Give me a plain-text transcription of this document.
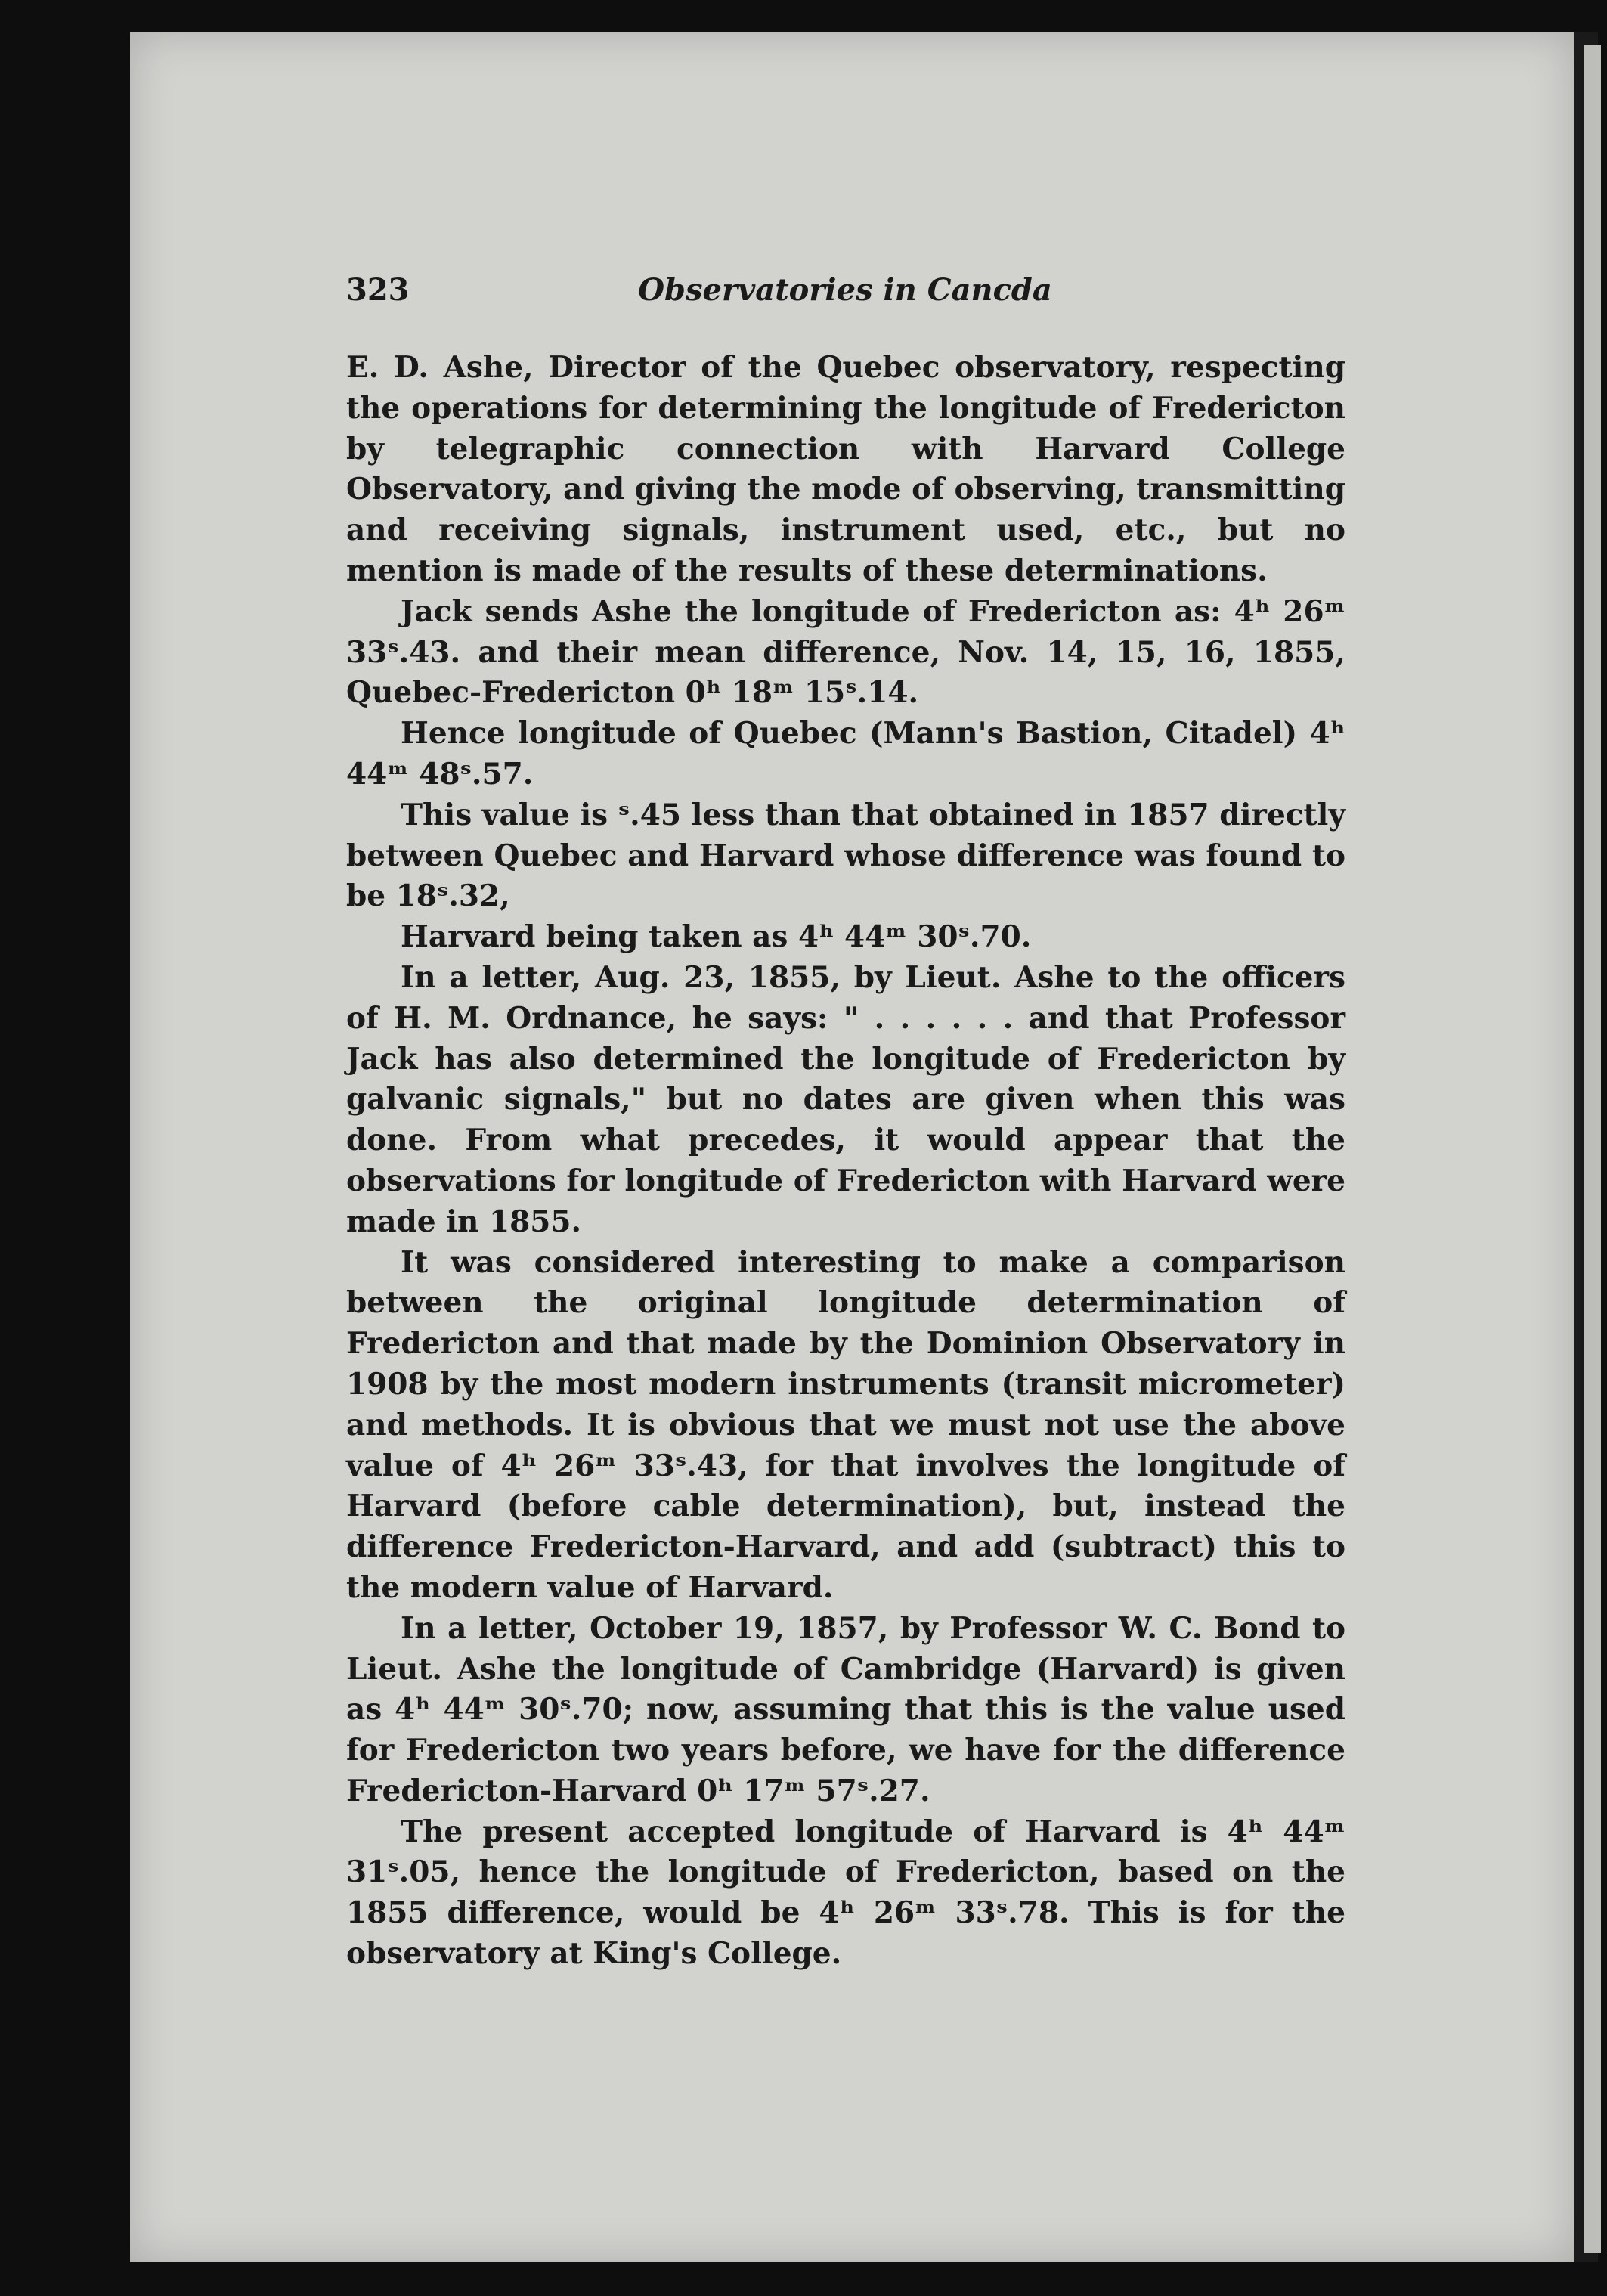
323	Observatories in Cancda

E. D. Ashe, Director of the Quebec observatory, respecting the operations for determining the longitude of Fredericton by telegraphic connection with Harvard College Observatory, and giving the mode of observing, transmitting and receiving signals, instrument used, etc., but no mention is made of the results of these determinations.

Jack sends Ashe the longitude of Fredericton as: 4ʰ 26ᵐ 33ˢ.43. and their mean difference, Nov. 14, 15, 16, 1855, Quebec-Fredericton 0ʰ 18ᵐ 15ˢ.14.

Hence longitude of Quebec (Mann's Bastion, Citadel) 4ʰ 44ᵐ 48ˢ.57.

This value is ˢ.45 less than that obtained in 1857 directly between Quebec and Harvard whose difference was found to be 18ˢ.32,

Harvard being taken as 4ʰ 44ᵐ 30ˢ.70.

In a letter, Aug. 23, 1855, by Lieut. Ashe to the officers of H. M. Ordnance, he says: " . . . . . . and that Professor Jack has also determined the longitude of Fredericton by galvanic signals," but no dates are given when this was done. From what precedes, it would appear that the observations for longitude of Fredericton with Harvard were made in 1855.

It was considered interesting to make a comparison between the original longitude determination of Fredericton and that made by the Dominion Observatory in 1908 by the most modern instruments (transit micrometer) and methods. It is obvious that we must not use the above value of 4ʰ 26ᵐ 33ˢ.43, for that involves the longitude of Harvard (before cable determination), but, instead the difference Fredericton-Harvard, and add (subtract) this to the modern value of Harvard.

In a letter, October 19, 1857, by Professor W. C. Bond to Lieut. Ashe the longitude of Cambridge (Harvard) is given as 4ʰ 44ᵐ 30ˢ.70; now, assuming that this is the value used for Fredericton two years before, we have for the difference Fredericton-Harvard 0ʰ 17ᵐ 57ˢ.27.

The present accepted longitude of Harvard is 4ʰ 44ᵐ 31ˢ.05, hence the longitude of Fredericton, based on the 1855 difference, would be 4ʰ 26ᵐ 33ˢ.78. This is for the observatory at King's College.
